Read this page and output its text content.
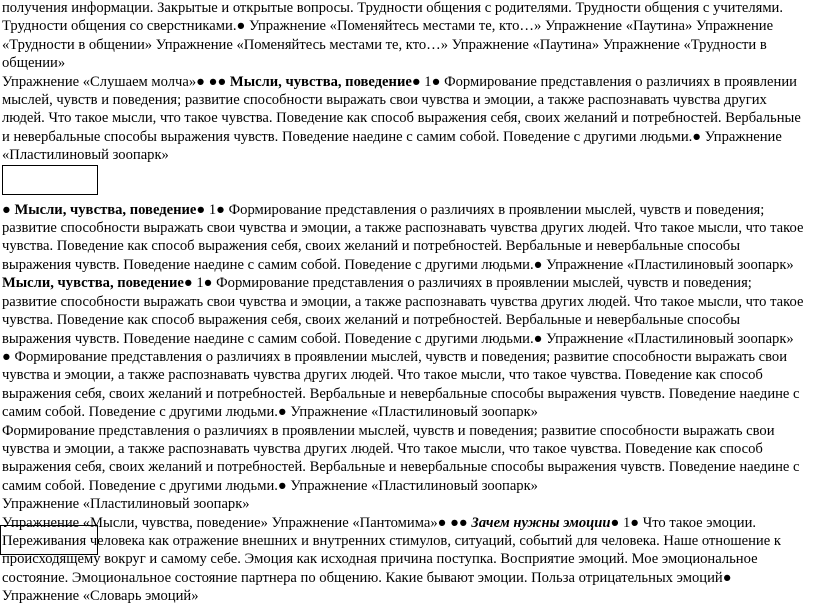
получения информации. Закрытые и открытые вопросы. Трудности общения с родителями. Трудности общения с учителями. Трудности общения со сверстниками.● Упражнение «Поменяйтесь местами те, кто…» Упражнение «Паутина» Упражнение «Трудности в общении» Упражнение «Поменяйтесь местами те, кто…» Упражнение «Паутина» Упражнение «Трудности в общении»
Упражнение «Слушаем молча»● ●● Мысли, чувства, поведение● 1● Формирование представления о различиях в проявлении мыслей, чувств и поведения; развитие способности выражать свои чувства и эмоции, а также распознавать чувства других людей. Что такое мысли, что такое чувства. Поведение как способ выражения себя, своих желаний и потребностей. Вербальные и невербальные способы выражения чувств. Поведение наедине с самим собой. Поведение с другими людьми.● Упражнение «Пластилиновый зоопарк»

● Мысли, чувства, поведение● 1● Формирование представления о различиях в проявлении мыслей, чувств и поведения; развитие способности выражать свои чувства и эмоции, а также распознавать чувства других людей. Что такое мысли, что такое чувства. Поведение как способ выражения себя, своих желаний и потребностей. Вербальные и невербальные способы выражения чувств. Поведение наедине с самим собой. Поведение с другими людьми.● Упражнение «Пластилиновый зоопарк»

Мысли, чувства, поведение● 1● Формирование представления о различиях в проявлении мыслей, чувств и поведения; развитие способности выражать свои чувства и эмоции, а также распознавать чувства других людей. Что такое мысли, что такое чувства. Поведение как способ выражения себя, своих желаний и потребностей. Вербальные и невербальные способы выражения чувств. Поведение наедине с самим собой. Поведение с другими людьми.● Упражнение «Пластилиновый зоопарк»

● Формирование представления о различиях в проявлении мыслей, чувств и поведения; развитие способности выражать свои чувства и эмоции, а также распознавать чувства других людей. Что такое мысли, что такое чувства. Поведение как способ выражения себя, своих желаний и потребностей. Вербальные и невербальные способы выражения чувств. Поведение наедине с самим собой. Поведение с другими людьми.● Упражнение «Пластилиновый зоопарк»

Формирование представления о различиях в проявлении мыслей, чувств и поведения; развитие способности выражать свои чувства и эмоции, а также распознавать чувства других людей. Что такое мысли, что такое чувства. Поведение как способ выражения себя, своих желаний и потребностей. Вербальные и невербальные способы выражения чувств. Поведение наедине с самим собой. Поведение с другими людьми.● Упражнение «Пластилиновый зоопарк»

Упражнение «Пластилиновый зоопарк»

Упражнение «Мысли, чувства, поведение» Упражнение «Пантомима»● ●● Зачем нужны эмоции● 1● Что такое эмоции. Переживания человека как отражение внешних и внутренних стимулов, ситуаций, событий для человека. Наше отношение к происходящему вокруг и самому себе. Эмоция как исходная причина поступка. Восприятие эмоций. Мое эмоциональное состояние. Эмоциональное состояние партнера по общению. Какие бывают эмоции. Польза отрицательных эмоций● Упражнение «Словарь эмоций»
